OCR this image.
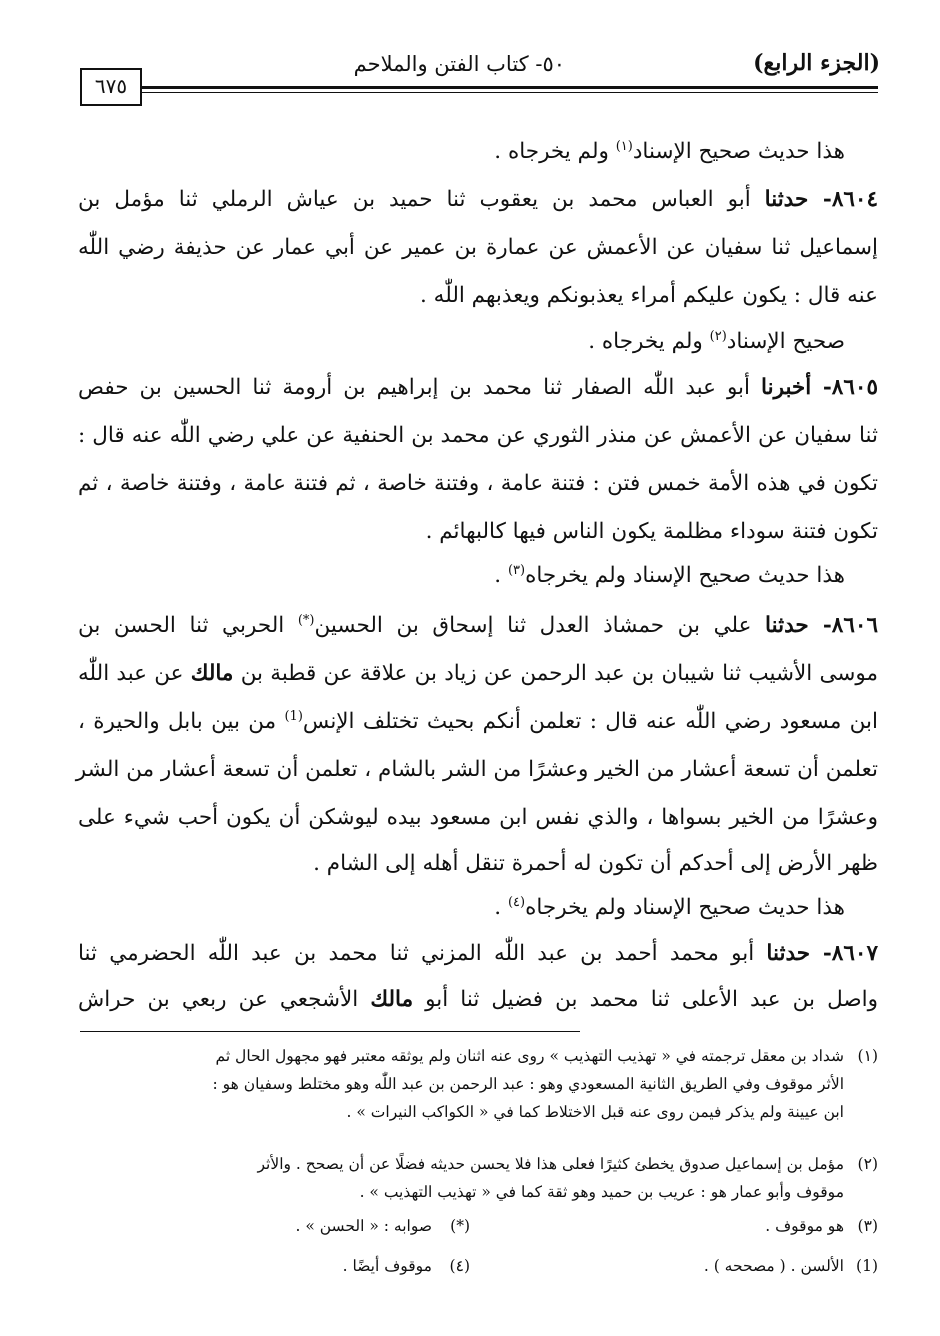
(الجزء الرابع)
٥٠- كتاب الفتن والملاحم
٦٧٥
هذا حديث صحيح الإسناد$^{(١)}$ ولم يخرجاه .
٨٦٠٤- حدثنا أبو العباس محمد بن يعقوب ثنا حميد بن عياش الرملي ثنا مؤمل بن
إسماعيل ثنا سفيان عن الأعمش عن عمارة بن عمير عن أبي عمار عن حذيفة رضي اللّٰه
عنه قال : يكون عليكم أمراء يعذبونكم ويعذبهم اللّٰه .
صحيح الإسناد$^{(٢)}$ ولم يخرجاه .
٨٦٠٥- أخبرنا أبو عبد اللّٰه الصفار ثنا محمد بن إبراهيم بن أرومة ثنا الحسين بن حفص
ثنا سفيان عن الأعمش عن منذر الثوري عن محمد بن الحنفية عن علي رضي اللّٰه عنه قال :
تكون في هذه الأمة خمس فتن : فتنة عامة ، وفتنة خاصة ، ثم فتنة عامة ، وفتنة خاصة ، ثم
تكون فتنة سوداء مظلمة يكون الناس فيها كالبهائم .
هذا حديث صحيح الإسناد ولم يخرجاه$^{(٣)}$ .
٨٦٠٦- حدثنا علي بن حمشاذ العدل ثنا إسحاق بن الحسين(*) الحربي ثنا الحسن بن
موسى الأشيب ثنا شيبان بن عبد الرحمن عن زياد بن علاقة عن قطبة بن مالك عن عبد اللّٰه
ابن مسعود رضي اللّٰه عنه قال : تعلمن أنكم بحيث تختلف الإنس$^{(1)}$ من بين بابل والحيرة ،
تعلمن أن تسعة أعشار من الخير وعشرًا من الشر بالشام ، تعلمن أن تسعة أعشار من الشر
وعشرًا من الخير بسواها ، والذي نفس ابن مسعود بيده ليوشكن أن يكون أحب شيء على
ظهر الأرض إلى أحدكم أن تكون له أحمرة تنقل أهله إلى الشام .
هذا حديث صحيح الإسناد ولم يخرجاه$^{(٤)}$ .
٨٦٠٧- حدثنا أبو محمد أحمد بن عبد اللّٰه المزني ثنا محمد بن عبد اللّٰه الحضرمي ثنا
واصل بن عبد الأعلى ثنا محمد بن فضيل ثنا أبو مالك الأشجعي عن ربعي بن حراش
(١)شداد بن معقل ترجمته في « تهذيب التهذيب » روى عنه اثنان ولم يوثقه معتبر فهو مجهول الحال ثم
الأثر موقوف وفي الطريق الثانية المسعودي وهو : عبد الرحمن بن عبد اللّٰه وهو مختلط وسفيان هو :
ابن عيينة ولم يذكر فيمن روى عنه قبل الاختلاط كما في « الكواكب النيرات » .
(٢)مؤمل بن إسماعيل صدوق يخطئ كثيرًا فعلى هذا فلا يحسن حديثه فضلًا عن أن يصحح . والأثر
موقوف وأبو عمار هو : عريب بن حميد وهو ثقة كما في « تهذيب التهذيب » .
(٣)هو موقوف .
(*)صوابه : « الحسن » .
(1)الألسن . ( مصححه ) .
(٤)موقوف أيضًا .
